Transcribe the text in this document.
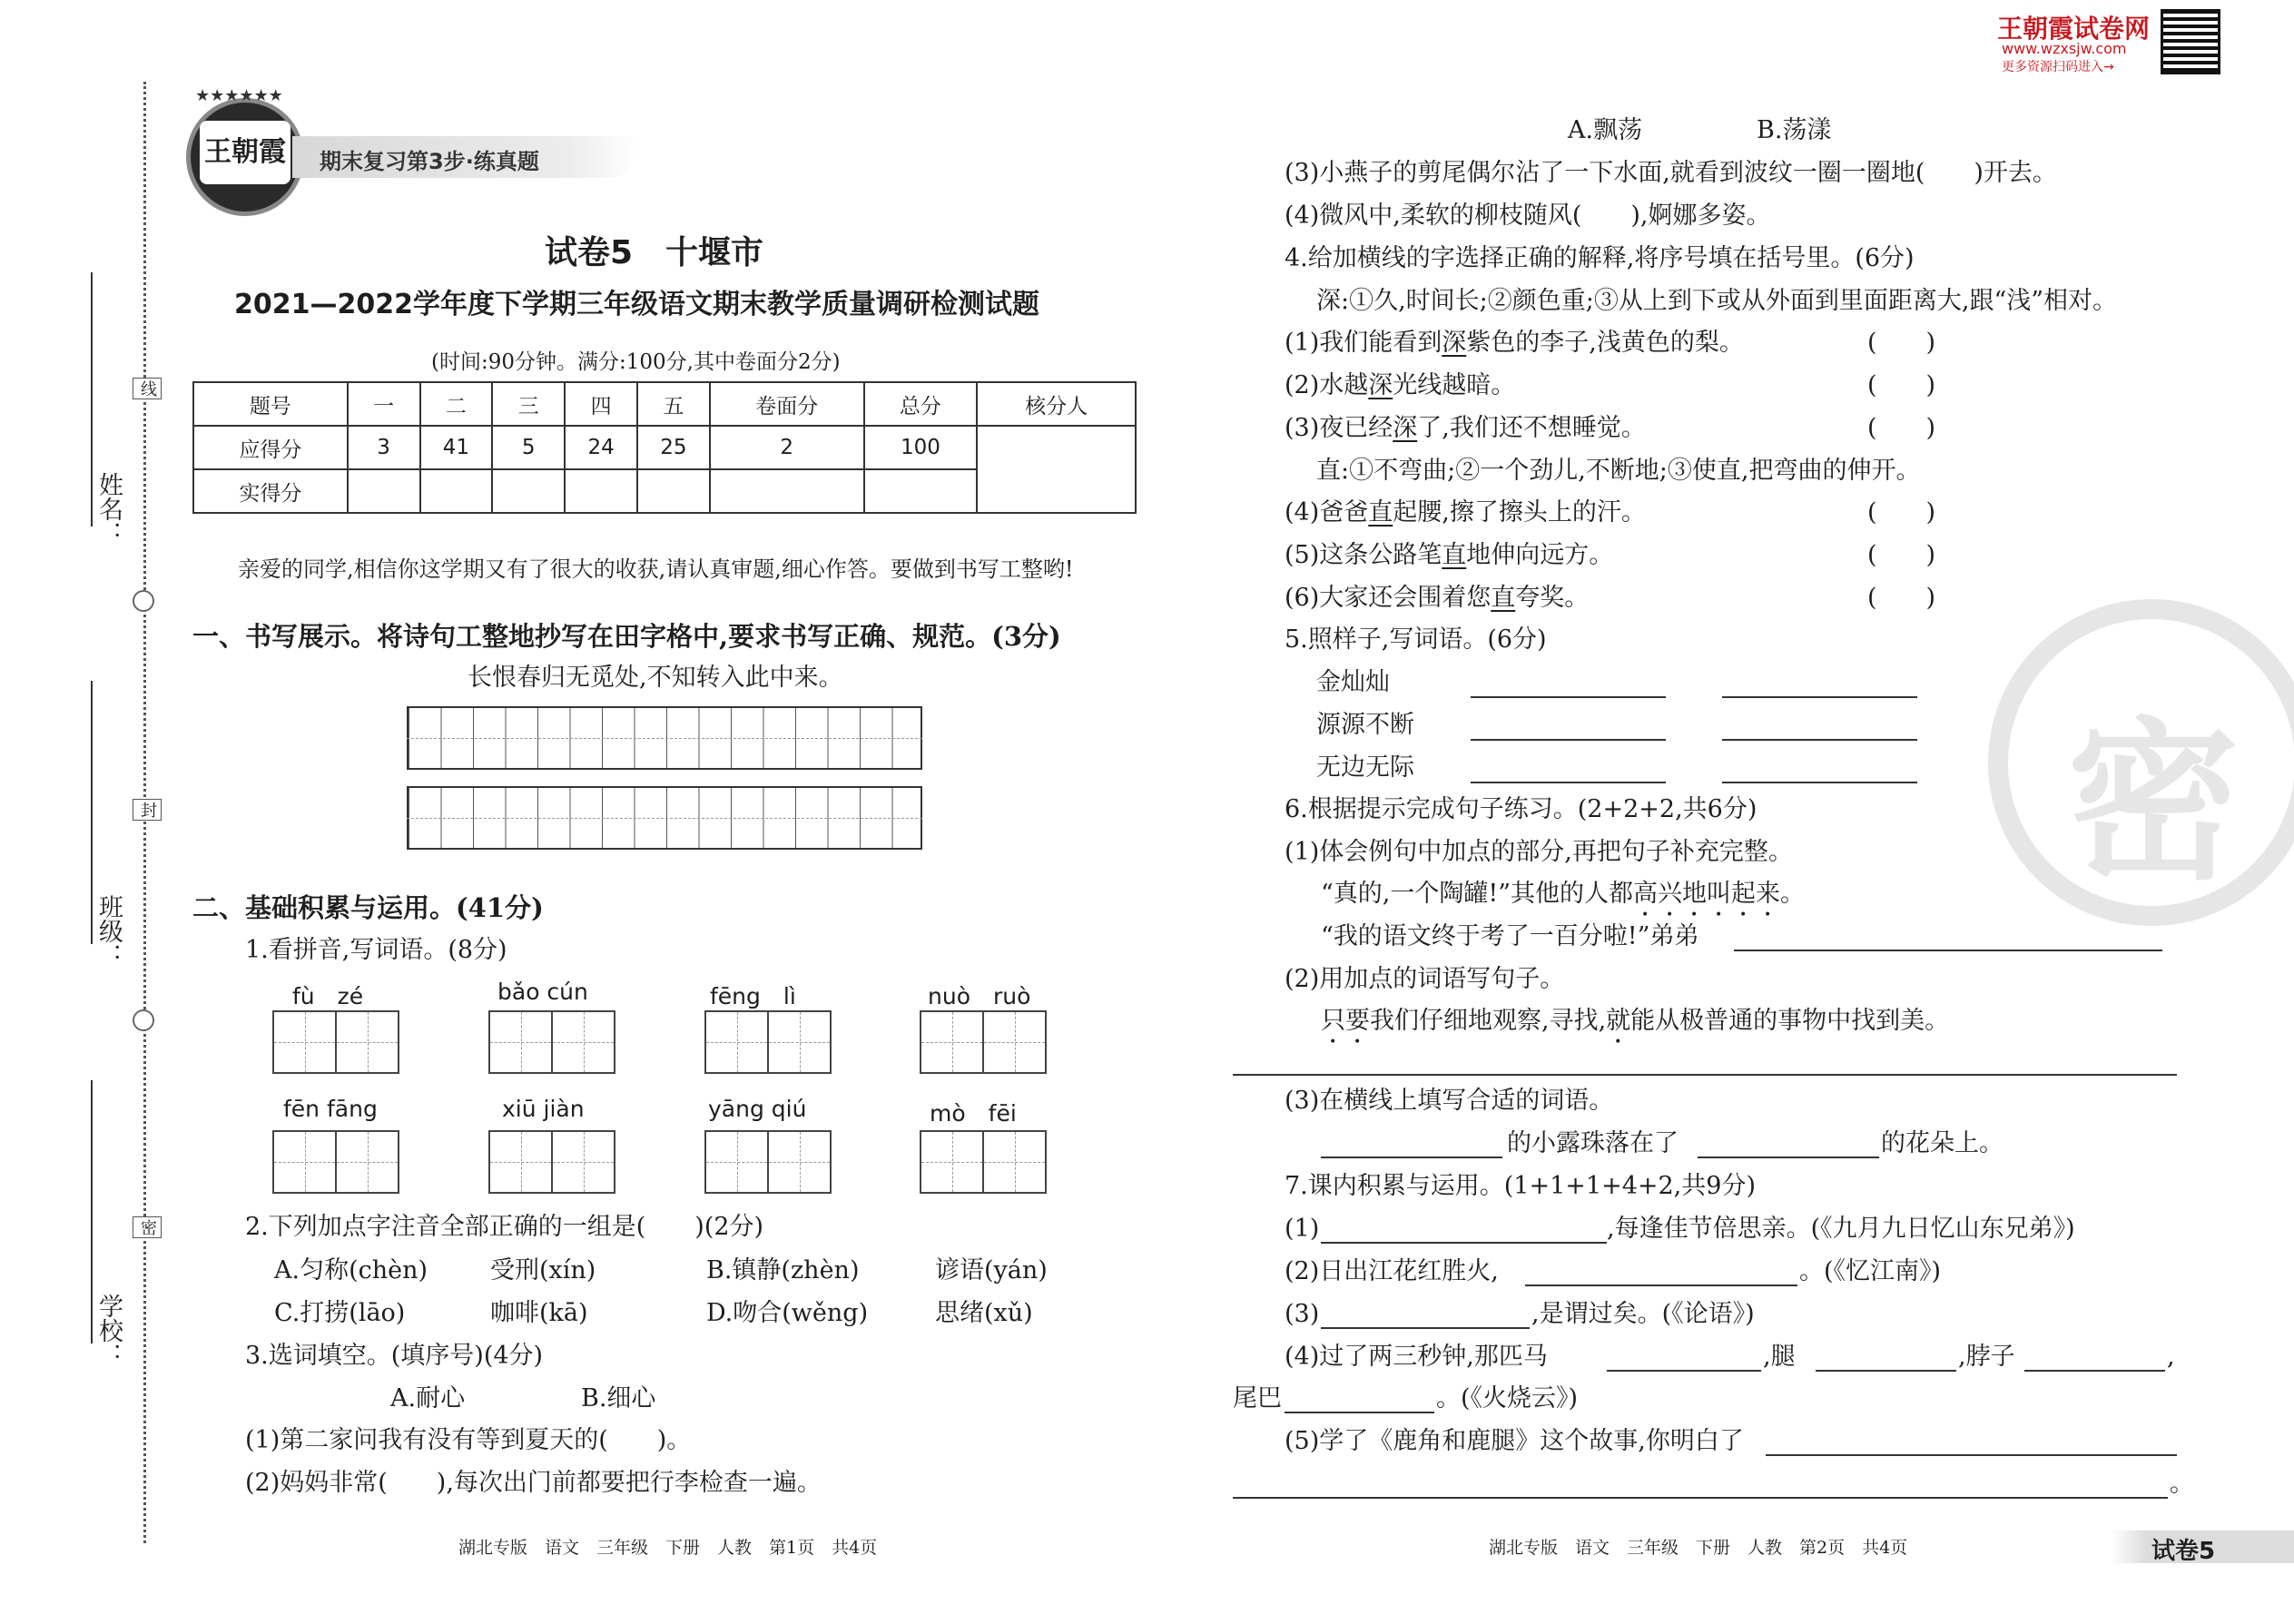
线
封
密
姓名：
班级：
学校：
王朝霞
★★★★★★
期末复习第3步·练真题
试卷5　十堰市
2021—2022学年度下学期三年级语文期末教学质量调研检测试题
(时间:90分钟。满分:100分,其中卷面分2分)
题号	一	二	三	四	五	卷面分	总分	核分人
应得分	3	41	5	24	25	2	100	
实得分								
亲爱的同学,相信你这学期又有了很大的收获,请认真审题,细心作答。要做到书写工整哟!
一、书写展示。将诗句工整地抄写在田字格中,要求书写正确、规范。(3分)
长恨春归无觅处,不知转入此中来。
二、基础积累与运用。(41分)
1.看拼音,写词语。(8分)
fù　zé	bǎo cún	fēng　lì	nuò　ruò
fēn fāng	xiū jiàn	yāng qiú	mò　fēi
2.下列加点字注音全部正确的一组是(　　)(2分)
A.匀称(chèn)	受刑(xín)	B.镇静(zhèn)	谚语(yán)
C.打捞(lāo)	咖啡(kā)	D.吻合(wěng)	思绪(xǔ)
3.选词填空。(填序号)(4分)
A.耐心	B.细心
(1)第二家问我有没有等到夏天的(　　)。
(2)妈妈非常(　　),每次出门前都要把行李检查一遍。
湖北专版　语文　三年级　下册　人教　第1页　共4页
王朝霞试卷网
www.wzxsjw.com
更多资源扫码进入→
密
A.飘荡	B.荡漾
(3)小燕子的剪尾偶尔沾了一下水面,就看到波纹一圈一圈地(　　)开去。
(4)微风中,柔软的柳枝随风(　　),婀娜多姿。
4.给加横线的字选择正确的解释,将序号填在括号里。(6分)
深:①久,时间长;②颜色重;③从上到下或从外面到里面距离大,跟“浅”相对。
(1)我们能看到深紫色的李子,浅黄色的梨。	(　　)
(2)水越深光线越暗。	(　　)
(3)夜已经深了,我们还不想睡觉。	(　　)
直:①不弯曲;②一个劲儿,不断地;③使直,把弯曲的伸开。
(4)爸爸直起腰,擦了擦头上的汗。	(　　)
(5)这条公路笔直地伸向远方。	(　　)
(6)大家还会围着您直夸奖。	(　　)
5.照样子,写词语。(6分)
金灿灿
源源不断
无边无际
6.根据提示完成句子练习。(2+2+2,共6分)
(1)体会例句中加点的部分,再把句子补充完整。
“真的,一个陶罐!”其他的人都高兴地叫起来。
“我的语文终于考了一百分啦!”弟弟
(2)用加点的词语写句子。
只要我们仔细地观察,寻找,就能从极普通的事物中找到美。
(3)在横线上填写合适的词语。
的小露珠落在了	的花朵上。
7.课内积累与运用。(1+1+1+4+2,共9分)
(1)	,每逢佳节倍思亲。(《九月九日忆山东兄弟》)
(2)日出江花红胜火,	。(《忆江南》)
(3)	,是谓过矣。(《论语》)
(4)过了两三秒钟,那匹马	,腿	,脖子	,
尾巴	。(《火烧云》)
(5)学了《鹿角和鹿腿》这个故事,你明白了
。
湖北专版　语文　三年级　下册　人教　第2页　共4页	试卷5
